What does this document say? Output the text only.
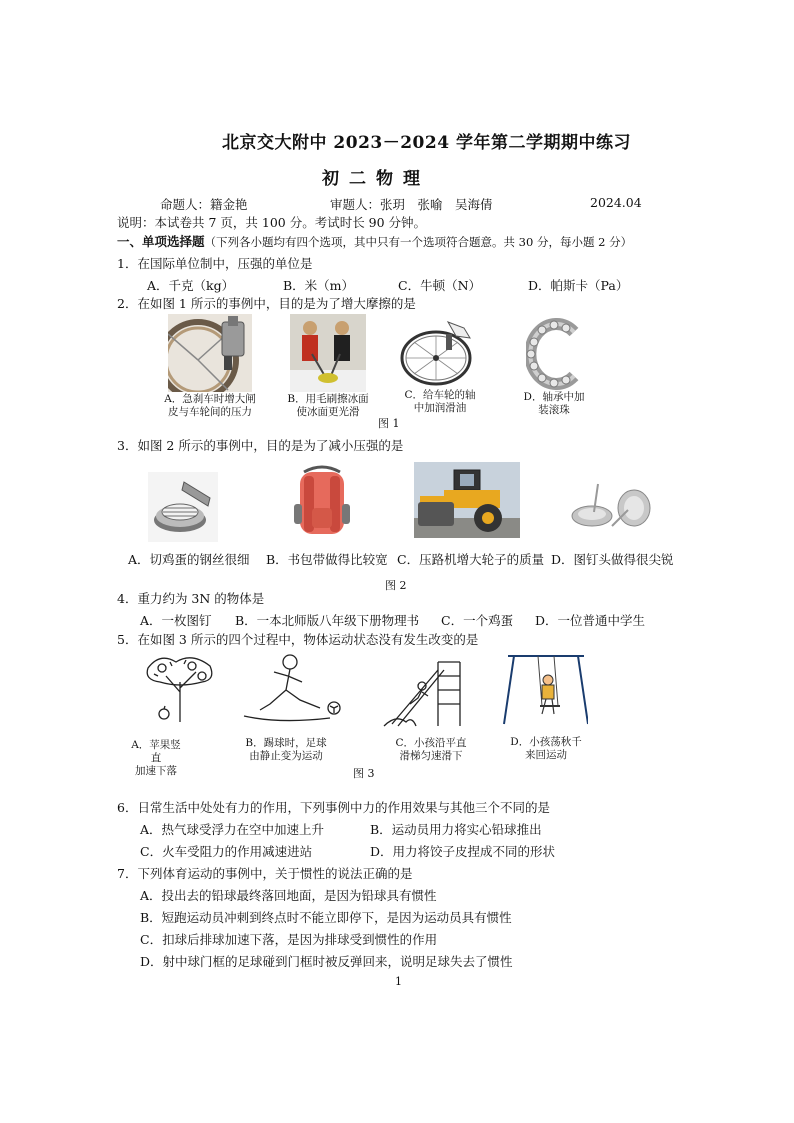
北京交大附中 2023－2024 学年第二学期期中练习
初二物理
命题人：籍金艳	审题人：张玥　张喻　吴海倩	2024.04
说明：本试卷共 7 页，共 100 分。考试时长 90 分钟。
一、单项选择题（下列各小题均有四个选项，其中只有一个选项符合题意。共 30 分，每小题 2 分）
1．在国际单位制中，压强的单位是
A．千克（kg）	B．米（m）	C．牛顿（N）	D．帕斯卡（Pa）
2．在如图 1 所示的事例中，目的是为了增大摩擦的是
A．急刹车时增大闸
皮与车轮间的压力
B．用毛刷擦冰面
使冰面更光滑
C．给车轮的轴
中加润滑油
D．轴承中加
装滚珠
图 1
3．如图 2 所示的事例中，目的是为了减小压强的是
A．切鸡蛋的钢丝很细 B．书包带做得比较宽 C．压路机增大轮子的质量 D．图钉头做得很尖锐
图 2
4．重力约为 3N 的物体是
A．一枚图钉 B．一本北师版八年级下册物理书 C．一个鸡蛋 D．一位普通中学生
5．在如图 3 所示的四个过程中，物体运动状态没有发生改变的是
A．苹果竖直
加速下落
B．踢球时，足球
由静止变为运动
C．小孩沿平直
滑梯匀速滑下
D．小孩荡秋千
来回运动
图 3
6．日常生活中处处有力的作用，下列事例中力的作用效果与其他三个不同的是
A．热气球受浮力在空中加速上升	B．运动员用力将实心铅球推出
C．火车受阻力的作用减速进站	D．用力将饺子皮捏成不同的形状
7．下列体育运动的事例中，关于惯性的说法正确的是
A．投出去的铅球最终落回地面，是因为铅球具有惯性
B．短跑运动员冲刺到终点时不能立即停下，是因为运动员具有惯性
C．扣球后排球加速下落，是因为排球受到惯性的作用
D．射中球门框的足球碰到门框时被反弹回来，说明足球失去了惯性
1
